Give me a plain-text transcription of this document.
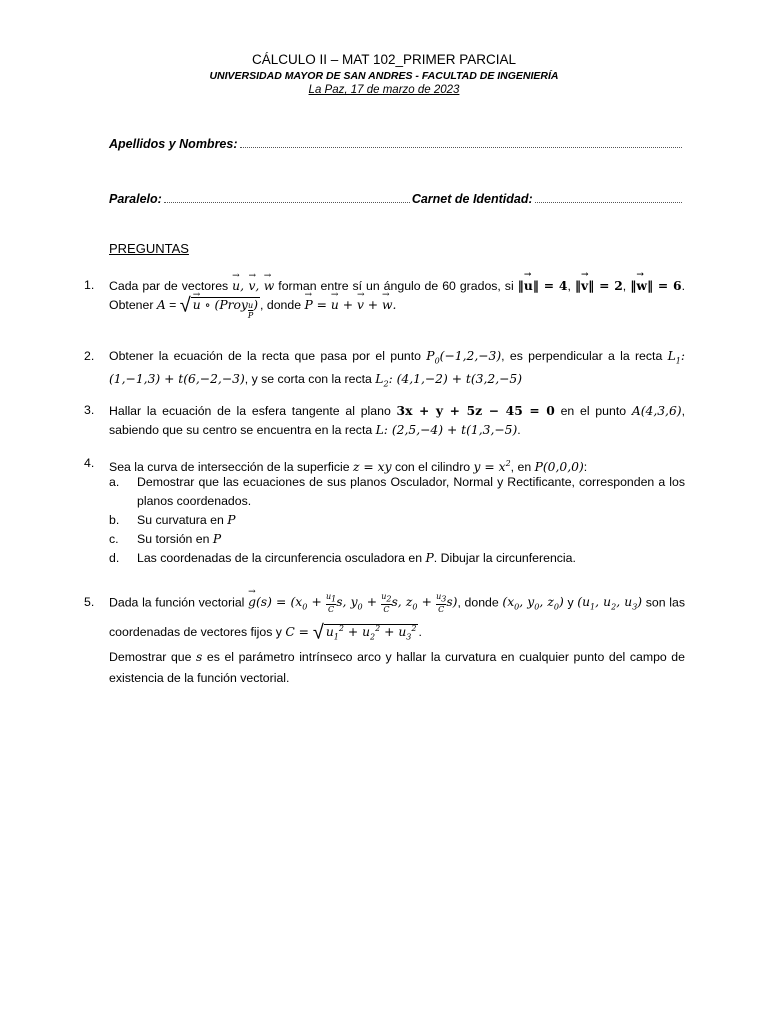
CÁLCULO II – MAT 102_PRIMER PARCIAL
UNIVERSIDAD MAYOR DE SAN ANDRES - FACULTAD DE INGENIERÍA
La Paz, 17 de marzo de 2023
Apellidos y Nombres:
Paralelo:	Carnet de Identidad:
PREGUNTAS
1. Cada par de vectores → u, → v, → w forman entre sí un ángulo de 60 grados, si ‖→ u‖ = 4, ‖→ v‖ = 2, ‖→ w‖ = 6. Obtener A = √ → u ∘ (Proy $_{\frac{u}{P}}$ ) , donde → P = → u + → v + → w.
2. Obtener la ecuación de la recta que pasa por el punto $P_0(-1,2,-3)$, es perpendicular a la recta $L_1$: (1,−1,3) + t(6,−2,−3), y se corta con la recta $L_2$: (4,1,−2) + t(3,2,−5)
3. Hallar la ecuación de la esfera tangente al plano 3x + y + 5z − 45 = 0 en el punto A(4,3,6), sabiendo que su centro se encuentra en la recta L: (2,5,−4) + t(1,3,−5).
4. Sea la curva de intersección de la superficie z = xy con el cilindro $y = x^2$, en P(0,0,0):
a. Demostrar que las ecuaciones de sus planos Osculador, Normal y Rectificante, corresponden a los planos coordenados.
b. Su curvatura en P
c. Su torsión en P
d. Las coordenadas de la circunferencia osculadora en P. Dibujar la circunferencia.
5. Dada la función vectorial → $g(s) = (x_0 + \frac{u_1}{C} s$, $y_0 + \frac{u_2}{C} s$, $z_0 + \frac{u_3}{C} s$), donde ($x_0$, $y_0$, $z_0$) y ($u_1$, $u_2$, $u_3$) son las coordenadas de vectores fijos y C = √ $u_1^2 + u_2^2 + u_3^2$ .
Demostrar que s es el parámetro intrínseco arco y hallar la curvatura en cualquier punto del campo de existencia de la función vectorial.
